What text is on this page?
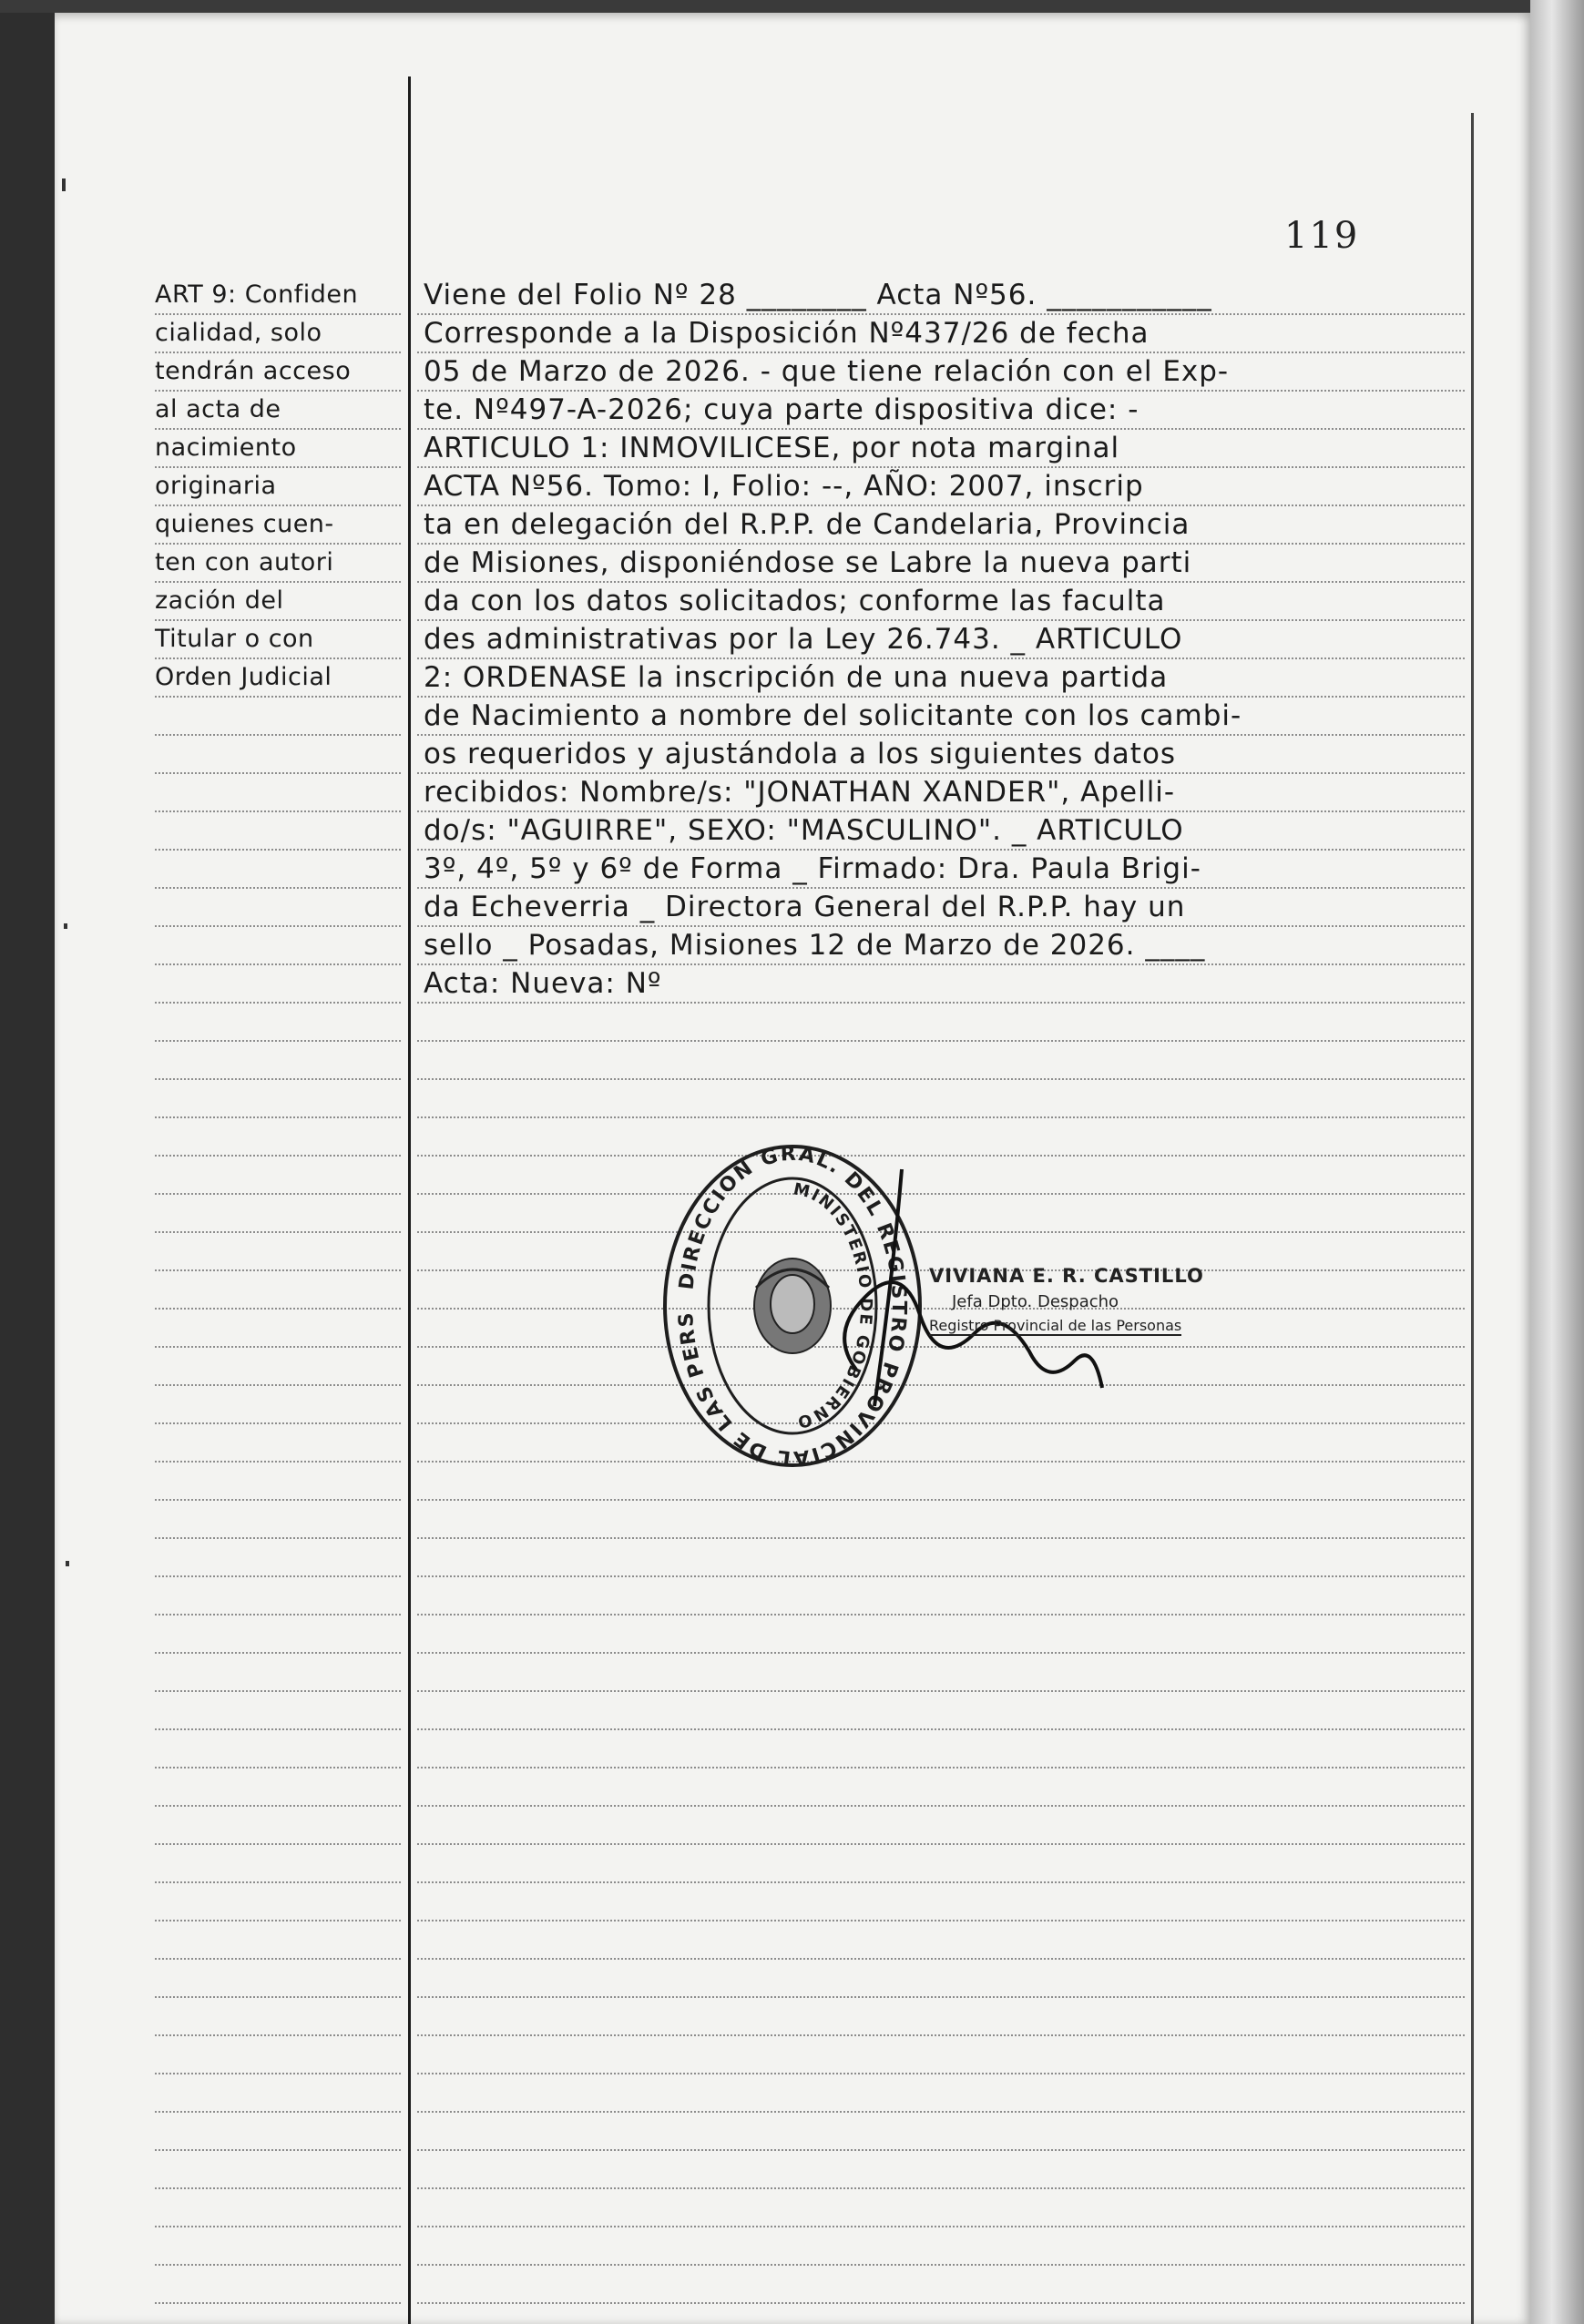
119

ART 9: Confiden

cialidad, solo

tendrán acceso

al acta de

nacimiento

originaria

quienes cuen-

ten con autori

zación del

Titular o con

Orden Judicial

Viene del Folio Nº 28 ________ Acta Nº56. ___________

Corresponde a la Disposición Nº437/26 de fecha

05 de Marzo de 2026. - que tiene relación con el Exp-

te. Nº497-A-2026; cuya parte dispositiva dice: -

ARTICULO 1: INMOVILICESE, por nota marginal

ACTA Nº56. Tomo: I, Folio: --, AÑO: 2007, inscrip

ta en delegación del R.P.P. de Candelaria, Provincia

de Misiones, disponiéndose se Labre la nueva parti

da con los datos solicitados; conforme las faculta

des administrativas por la Ley 26.743. _ ARTICULO

2: ORDENASE la inscripción de una nueva partida

de Nacimiento a nombre del solicitante con los cambi-

os requeridos y ajustándola a los siguientes datos

recibidos: Nombre/s: "JONATHAN XANDER", Apelli-

do/s: "AGUIRRE", SEXO: "MASCULINO". _ ARTICULO

3º, 4º, 5º y 6º de Forma _ Firmado: Dra. Paula Brigi-

da Echeverria _ Directora General del R.P.P. hay un

sello _ Posadas, Misiones 12 de Marzo de 2026. ____

Acta: Nueva: Nº

DIRECCION GRAL. DEL REGISTRO PROVINCIAL DE LAS PERS
MINISTERIO DE GOBIERNO

VIVIANA E. R. CASTILLO

Jefa Dpto. Despacho

Registro Provincial de las Personas
